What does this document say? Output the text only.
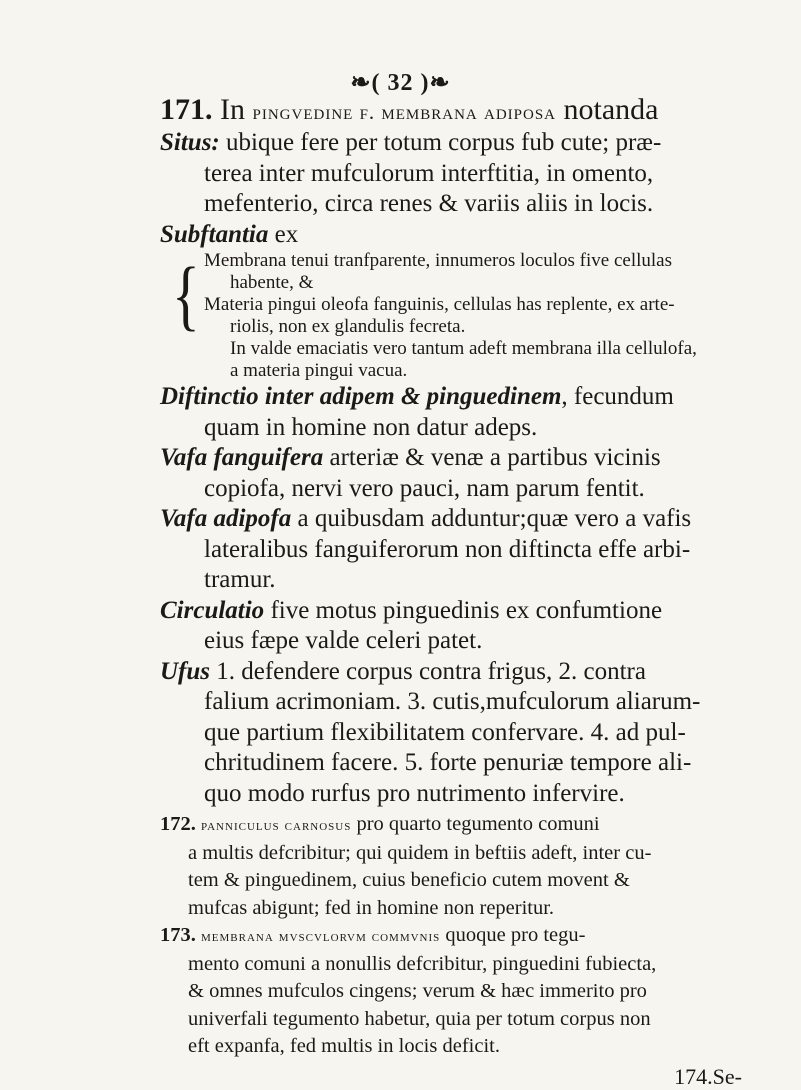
❧( 32 )❧

171. In pingvedine f. membrana adiposa notanda

Situs: ubique fere per totum corpus fub cute; præ-

terea inter mufculorum interftitia, in omento,

mefenterio, circa renes & variis aliis in locis.

Subftantia ex

{ Membrana tenui tranfparente, innumeros loculos five cellulas

habente, &

Materia pingui oleofa fanguinis, cellulas has replente, ex arte-

riolis, non ex glandulis fecreta.

In valde emaciatis vero tantum adeft membrana illa cellulofa,

a materia pingui vacua.

Diftinctio inter adipem & pinguedinem, fecundum

quam in homine non datur adeps.

Vafa fanguifera arteriæ & venæ a partibus vicinis

copiofa, nervi vero pauci, nam parum fentit.

Vafa adipofa a quibusdam adduntur;quæ vero a vafis

lateralibus fanguiferorum non diftincta effe arbi-

tramur.

Circulatio five motus pinguedinis ex confumtione

eius fæpe valde celeri patet.

Ufus 1. defendere corpus contra frigus, 2. contra

falium acrimoniam. 3. cutis,mufculorum aliarum-

que partium flexibilitatem confervare. 4. ad pul-

chritudinem facere. 5. forte penuriæ tempore ali-

quo modo rurfus pro nutrimento infervire.

172. panniculus carnosus pro quarto tegumento comuni

a multis defcribitur; qui quidem in beftiis adeft, inter cu-

tem & pinguedinem, cuius beneficio cutem movent &

mufcas abigunt; fed in homine non reperitur.

173. membrana mvscvlorvm commvnis quoque pro tegu-

mento comuni a nonullis defcribitur, pinguedini fubiecta,

& omnes mufculos cingens; verum & hæc immerito pro

univerfali tegumento habetur, quia per totum corpus non

eft expanfa, fed multis in locis deficit.

174.Se-
